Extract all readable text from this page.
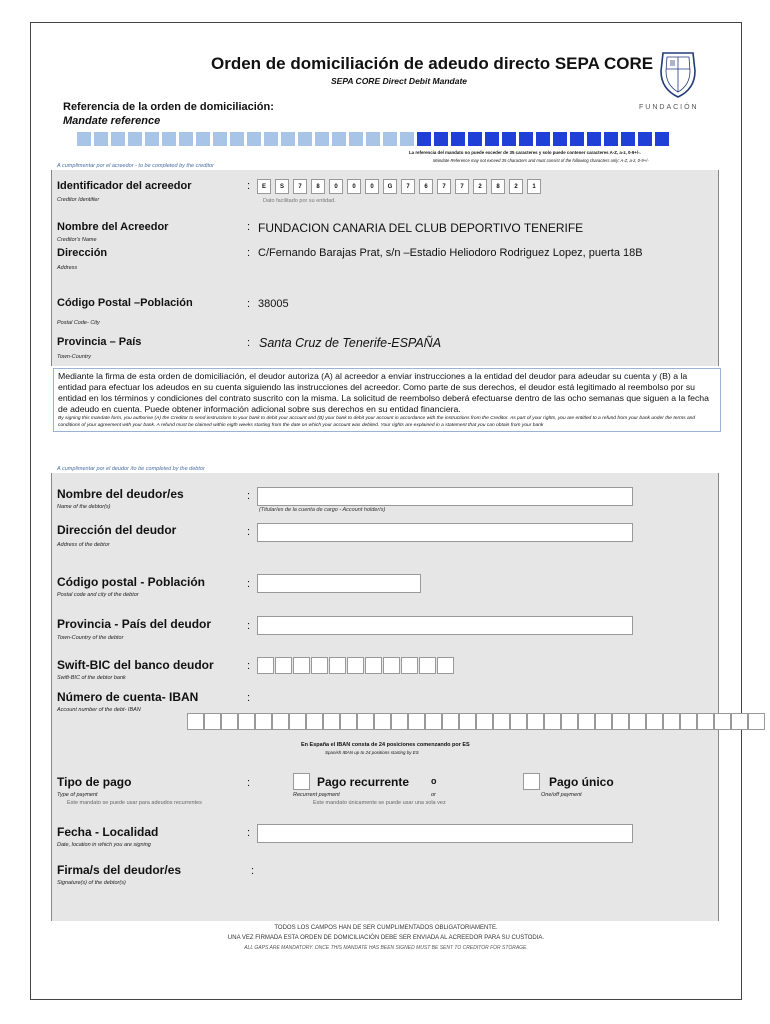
Orden de domiciliación de adeudo directo SEPA CORE
SEPA CORE Direct Debit Mandate
FUNDACIÓN
Referencia de la orden de domiciliación:
Mandate reference
La referencia del mandato no puede exceder de 35 caracteres y solo puede contener caracteres A-Z, a-z, 0-9+/-.
Mandate Reference may not exceed 35 characters and must consist of the following characters only: A-Z, a-z, 0-9+/-
A cumplimentar por el acreedor - to be completed by the creditor
Identificador del acreedor
Creditor Identifier
:	E	S	7	8	0	0	0	G	7	6	7	7	2	8	2	1
Dato facilitado por su entidad.
Nombre del Acreedor
Creditor's Name
: FUNDACION CANARIA DEL CLUB DEPORTIVO TENERIFE
Dirección
Address
: C/Fernando Barajas Prat, s/n –Estadio Heliodoro Rodriguez Lopez, puerta 18B
Código Postal –Población
Postal Code- City
: 38005
Provincia – País
Town-Country
: Santa Cruz de Tenerife-ESPAÑA
Mediante la firma de esta orden de domiciliación, el deudor autoriza (A) al acreedor a enviar instrucciones a la entidad del deudor para adeudar su cuenta y (B) a la entidad para efectuar los adeudos en su cuenta siguiendo las instrucciones del acreedor. Como parte de sus derechos, el deudor está legitimado al reembolso por su entidad en los términos y condiciones del contrato suscrito con la misma. La solicitud de reembolso deberá efectuarse dentro de las ocho semanas que siguen a la fecha de adeudo en cuenta. Puede obtener información adicional sobre sus derechos en su entidad financiera.
By signing this mandate form, you authorise (A) the Creditor to send instructions to your bank to debit your account and (B) your bank to debit your account in accordance with the instructions from the Creditor. As part of your rights, you are entitled to a refund from your bank under the terms and conditions of your agreement with your bank. A refund must be claimed within eigth weeks starting from the date on which your account was debited. Your rights are explained in a statement that you can obtain from your bank
A cumplimentar por el deudor /to be completed by the debtor
Nombre del deudor/es
Name of the debtor(s)
:
(Titular/es de la cuenta de cargo - Account holder/s)
Dirección del deudor
Address of the debtor
:
Código postal - Población
Postal code and city of the debtor
:
Provincia - País del deudor
Town-Country of the debtor
:
Swift-BIC del banco deudor
Swift-BIC of the debtor bank
:
Número de cuenta- IBAN
Account number of the debt- IBAN
:
En España el IBAN consta de 24 posiciones comenzando por ES
Spanish IBAN up to 24 positions starting by ES
Tipo de pago
Type of payment
Este mandato se puede usar para adeudos recurrentes
:	Pago recurrente
Recurrent payment
o
or
Este mandato únicamente se puede usar una sola vez
Pago único
One/off payment
Fecha - Localidad
Date, location in which you are signing
:
Firma/s del deudor/es
Signature(s) of the debtor(s)
:
TODOS LOS CAMPOS HAN DE SER CUMPLIMENTADOS OBLIGATORIAMENTE.
UNA VEZ FIRMADA ESTA ORDEN DE DOMICILIACIÓN DEBE SER ENVIADA AL ACREEDOR PARA SU CUSTODIA.
ALL GAPS ARE MANDATORY. ONCE THIS MANDATE HAS BEEN SIGNED MUST BE SENT TO CREDITOR FOR STORAGE.
